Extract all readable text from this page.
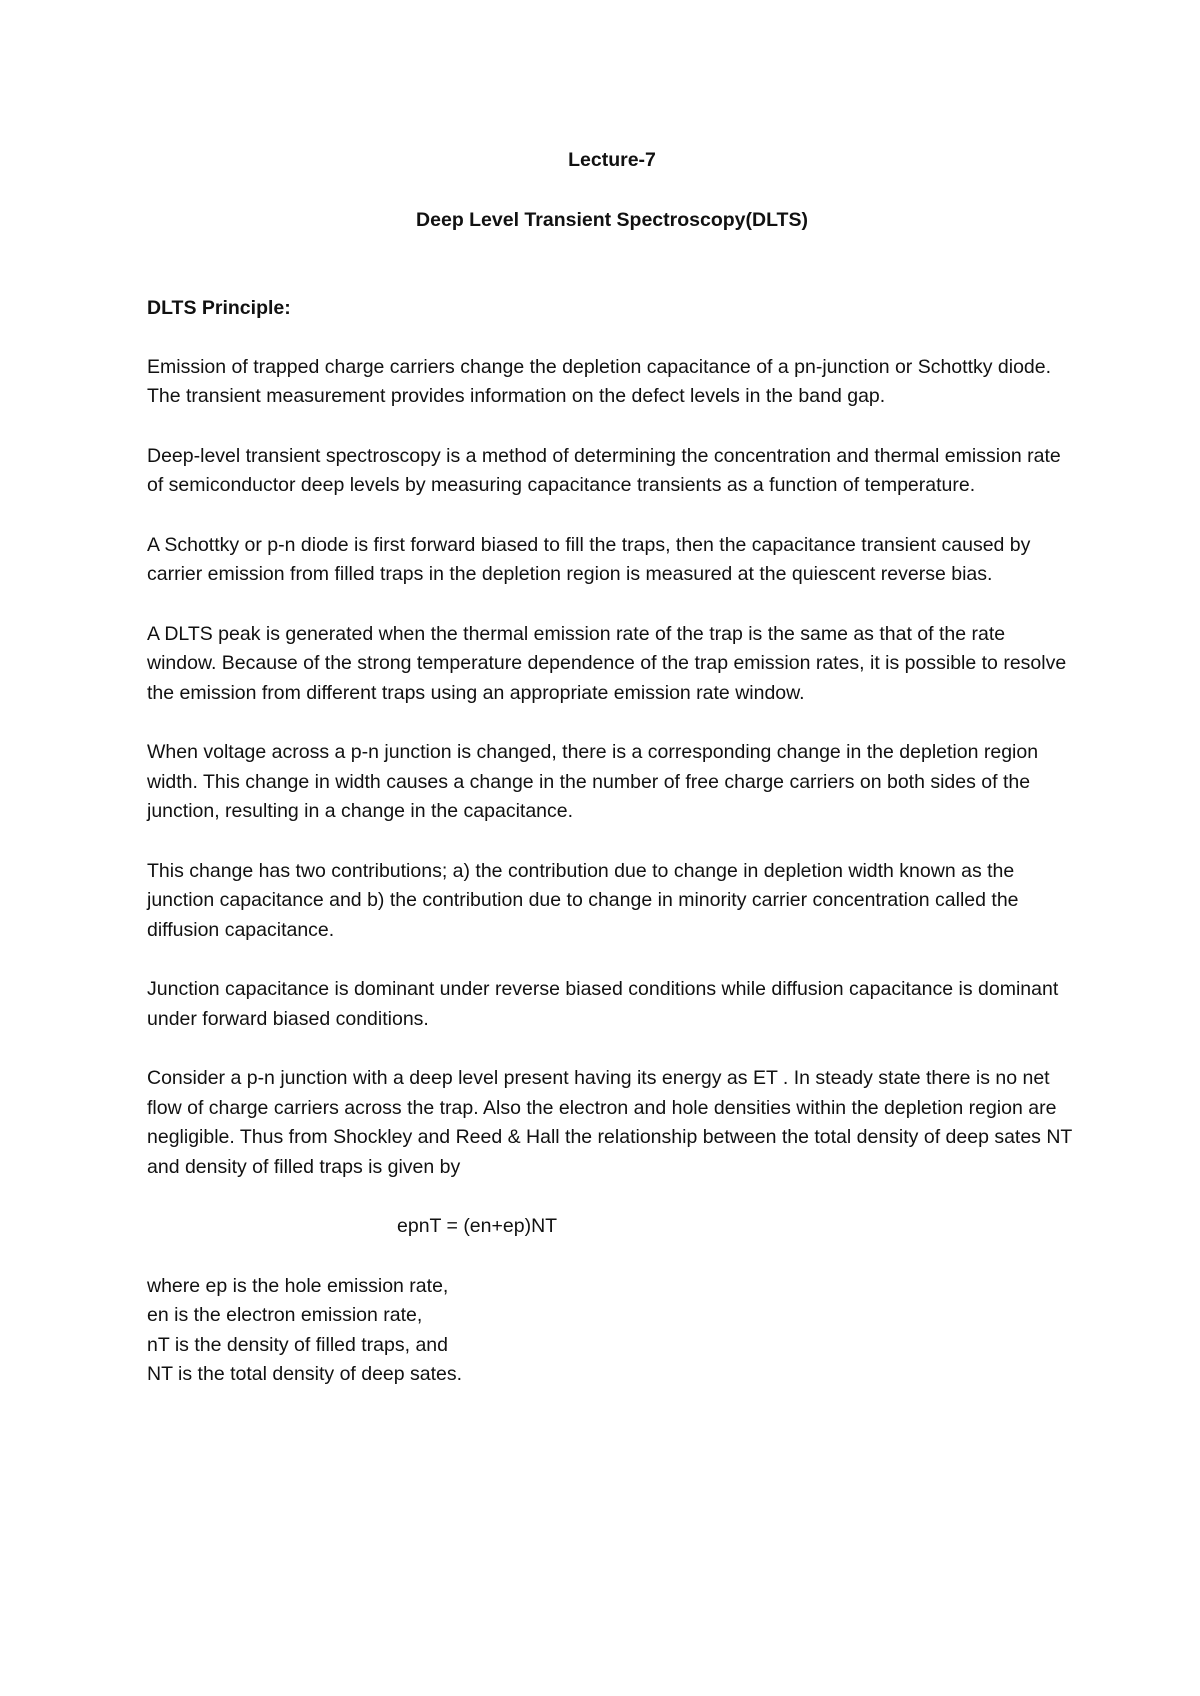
Lecture-7
Deep Level Transient Spectroscopy(DLTS)
DLTS Principle:

Emission of trapped charge carriers change the depletion capacitance of a pn-junction or Schottky diode. The transient measurement provides information on the defect levels in the band gap.

Deep-level transient spectroscopy is a method of determining the concentration and thermal emission rate of semiconductor deep levels by measuring capacitance transients as a function of temperature.

A Schottky or p-n diode is first forward biased to fill the traps, then the capacitance transient caused by carrier emission from filled traps in the depletion region is measured at the quiescent reverse bias.

A DLTS peak is generated when the thermal emission rate of the trap is the same as that of the rate window. Because of the strong temperature dependence of the trap emission rates, it is possible to resolve the emission from different traps using an appropriate emission rate window.

When voltage across a p-n junction is changed, there is a corresponding change in the depletion region width. This change in width causes a change in the number of free charge carriers on both sides of the junction, resulting in a change in the capacitance.

This change has two contributions; a) the contribution due to change in depletion width known as the junction capacitance and b) the contribution due to change in minority carrier concentration called the diffusion capacitance.

Junction capacitance is dominant under reverse biased conditions while diffusion capacitance is dominant under forward biased conditions.

Consider a p-n junction with a deep level present having its energy as ET . In steady state there is no net flow of charge carriers across the trap. Also the electron and hole densities within the depletion region are negligible. Thus from Shockley and Reed & Hall the relationship between the total density of deep sates NT and density of filled traps is given by

epnT = (en+ep)NT
where ep is the hole emission rate,
en is the electron emission rate,
nT is the density of filled traps, and
NT is the total density of deep sates.
